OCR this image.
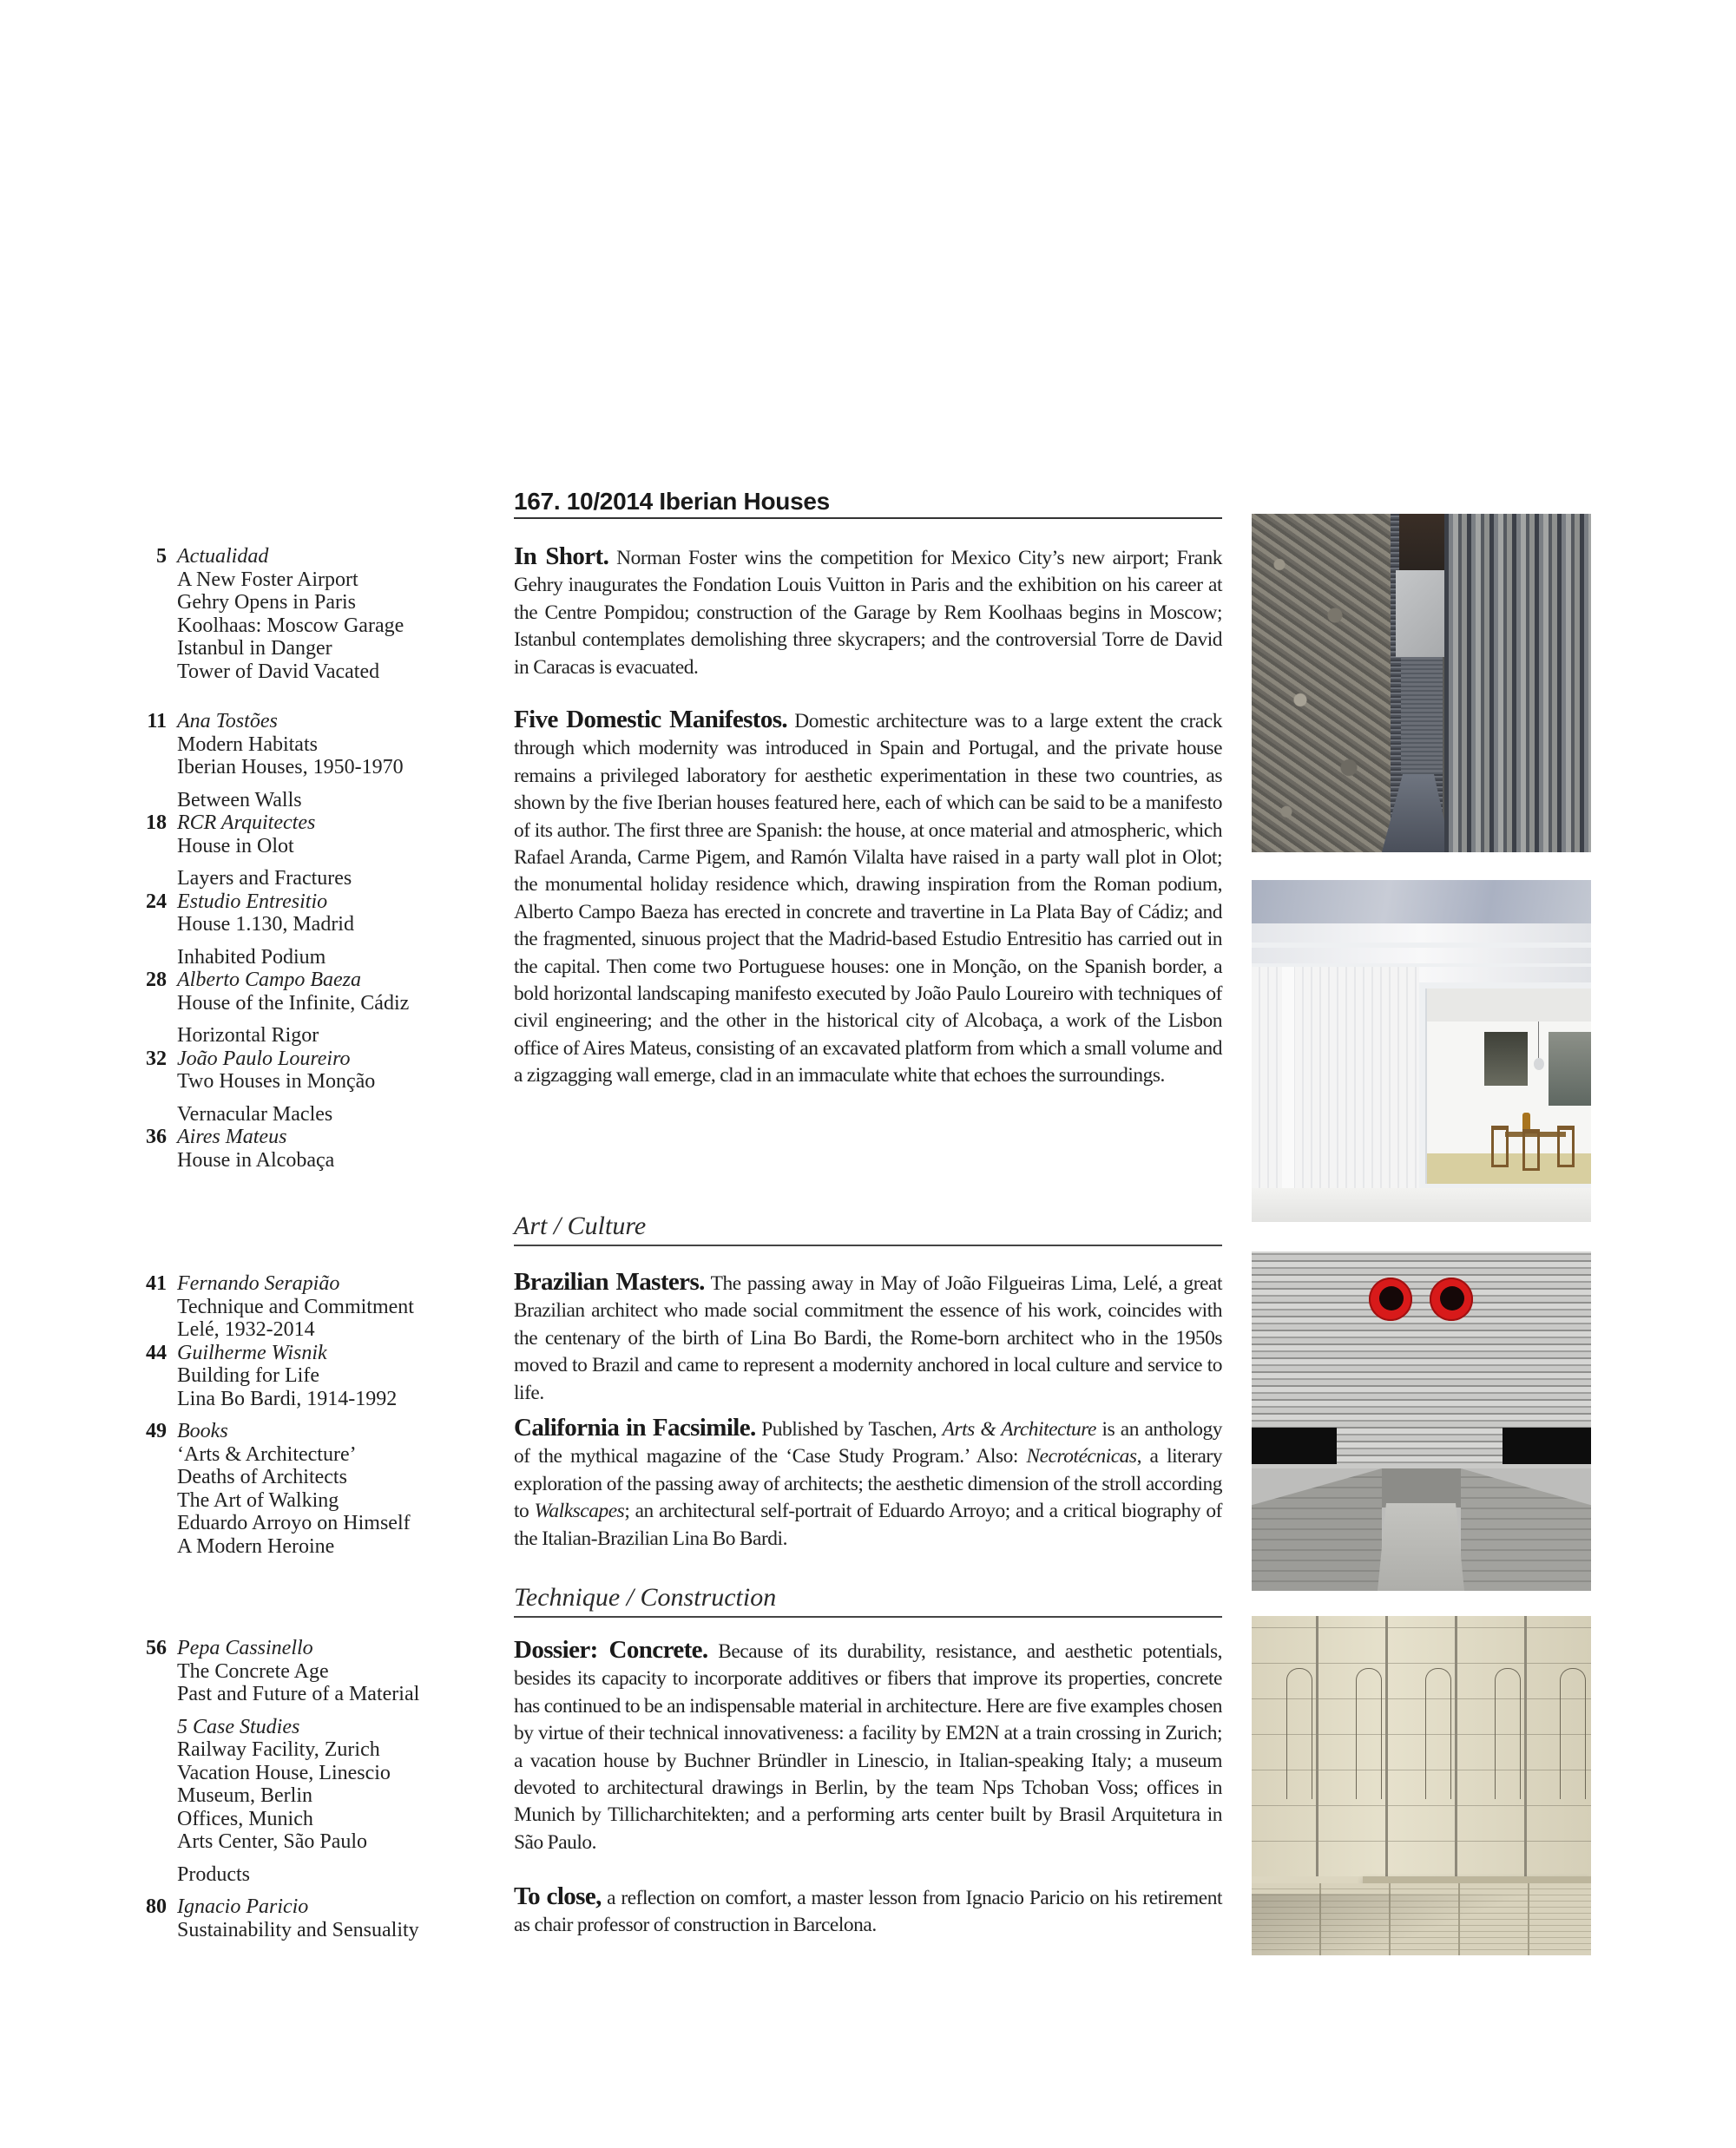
167. 10/2014 Iberian Houses
5 Actualidad
A New Foster Airport
Gehry Opens in Paris
Koolhaas: Moscow Garage
Istanbul in Danger
Tower of David Vacated
11 Ana Tostões
Modern Habitats
Iberian Houses, 1950-1970
Between Walls
18 RCR Arquitectes
House in Olot
Layers and Fractures
24 Estudio Entresitio
House 1.130, Madrid
Inhabited Podium
28 Alberto Campo Baeza
House of the Infinite, Cádiz
Horizontal Rigor
32 João Paulo Loureiro
Two Houses in Monção
Vernacular Macles
36 Aires Mateus
House in Alcobaça
41 Fernando Serapião
Technique and Commitment
Lelé, 1932-2014
44 Guilherme Wisnik
Building for Life
Lina Bo Bardi, 1914-1992
49 Books
‘Arts & Architecture’
Deaths of Architects
The Art of Walking
Eduardo Arroyo on Himself
A Modern Heroine
56 Pepa Cassinello
The Concrete Age
Past and Future of a Material
5 Case Studies
Railway Facility, Zurich
Vacation House, Linescio
Museum, Berlin
Offices, Munich
Arts Center, São Paulo
Products
80 Ignacio Paricio
Sustainability and Sensuality
In Short. Norman Foster wins the competition for Mexico City’s new airport; Frank Gehry inaugurates the Fondation Louis Vuitton in Paris and the exhibition on his career at the Centre Pompidou; construction of the Garage by Rem Koolhaas begins in Moscow; Istanbul contemplates demolishing three skycrapers; and the controversial Torre de David in Caracas is evacuated.
Five Domestic Manifestos. Domestic architecture was to a large extent the crack through which modernity was introduced in Spain and Portugal, and the private house remains a privileged laboratory for aesthetic experimentation in these two countries, as shown by the five Iberian houses featured here, each of which can be said to be a manifesto of its author. The first three are Spanish: the house, at once material and atmospheric, which Rafael Aranda, Carme Pigem, and Ramón Vilalta have raised in a party wall plot in Olot; the monumental holiday residence which, drawing inspiration from the Roman podium, Alberto Campo Baeza has erected in concrete and travertine in La Plata Bay of Cádiz; and the fragmented, sinuous project that the Madrid-based Estudio Entresitio has carried out in the capital. Then come two Portuguese houses: one in Monção, on the Spanish border, a bold horizontal landscaping manifesto executed by João Paulo Loureiro with techniques of civil engineering; and the other in the historical city of Alcobaça, a work of the Lisbon office of Aires Mateus, consisting of an excavated platform from which a small volume and a zigzagging wall emerge, clad in an immaculate white that echoes the surroundings.
Art / Culture
Brazilian Masters. The passing away in May of João Filgueiras Lima, Lelé, a great Brazilian architect who made social commitment the essence of his work, coincides with the centenary of the birth of Lina Bo Bardi, the Rome-born architect who in the 1950s moved to Brazil and came to represent a modernity anchored in local culture and service to life.
California in Facsimile. Published by Taschen, Arts & Architecture is an anthology of the mythical magazine of the ‘Case Study Program.’ Also: Necrotécnicas, a literary exploration of the passing away of architects; the aesthetic dimension of the stroll according to Walkscapes; an architectural self-portrait of Eduardo Arroyo; and a critical biography of the Italian-Brazilian Lina Bo Bardi.
Technique / Construction
Dossier: Concrete. Because of its durability, resistance, and aesthetic potentials, besides its capacity to incorporate additives or fibers that improve its properties, concrete has continued to be an indispensable material in architecture. Here are five examples chosen by virtue of their technical innovativeness: a facility by EM2N at a train crossing in Zurich; a vacation house by Buchner Bründler in Linescio, in Italian-speaking Italy; a museum devoted to architectural drawings in Berlin, by the team Nps Tchoban Voss; offices in Munich by Tillicharchitekten; and a performing arts center built by Brasil Arquitetura in São Paulo.
To close, a reflection on comfort, a master lesson from Ignacio Paricio on his retirement as chair professor of construction in Barcelona.
